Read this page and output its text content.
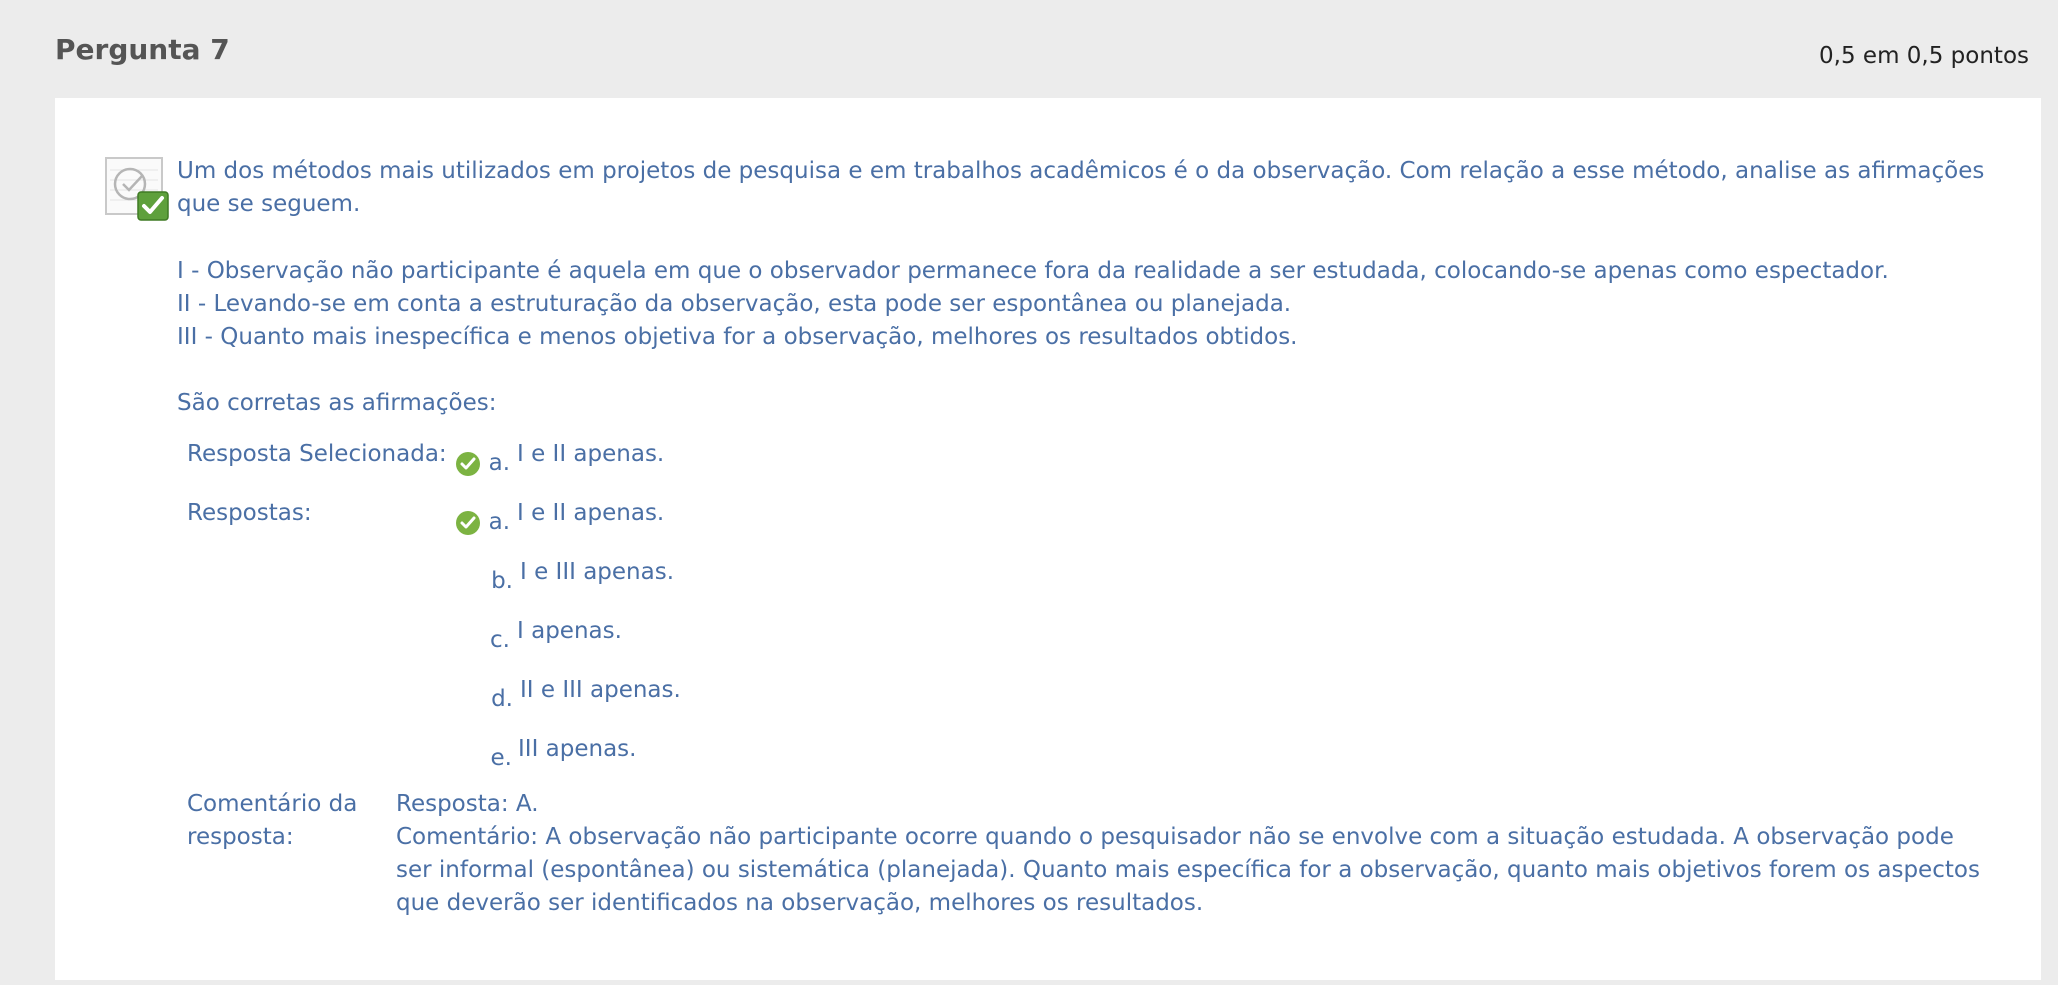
Pergunta 7	0,5 em 0,5 pontos
Um dos métodos mais utilizados em projetos de pesquisa e em trabalhos acadêmicos é o da observação. Com relação a esse método, analise as afirmações que se seguem.
I - Observação não participante é aquela em que o observador permanece fora da realidade a ser estudada, colocando-se apenas como espectador.
II - Levando-se em conta a estruturação da observação, esta pode ser espontânea ou planejada.
III - Quanto mais inespecífica e menos objetiva for a observação, melhores os resultados obtidos.
São corretas as afirmações:
Resposta Selecionada:	a. I e II apenas.
Respostas:	a. I e II apenas.
b. I e III apenas.
c. I apenas.
d. II e III apenas.
e. III apenas.
Comentário da
resposta:
Resposta: A.
Comentário: A observação não participante ocorre quando o pesquisador não se envolve com a situação estudada. A observação pode ser informal (espontânea) ou sistemática (planejada). Quanto mais específica for a observação, quanto mais objetivos forem os aspectos que deverão ser identificados na observação, melhores os resultados.
